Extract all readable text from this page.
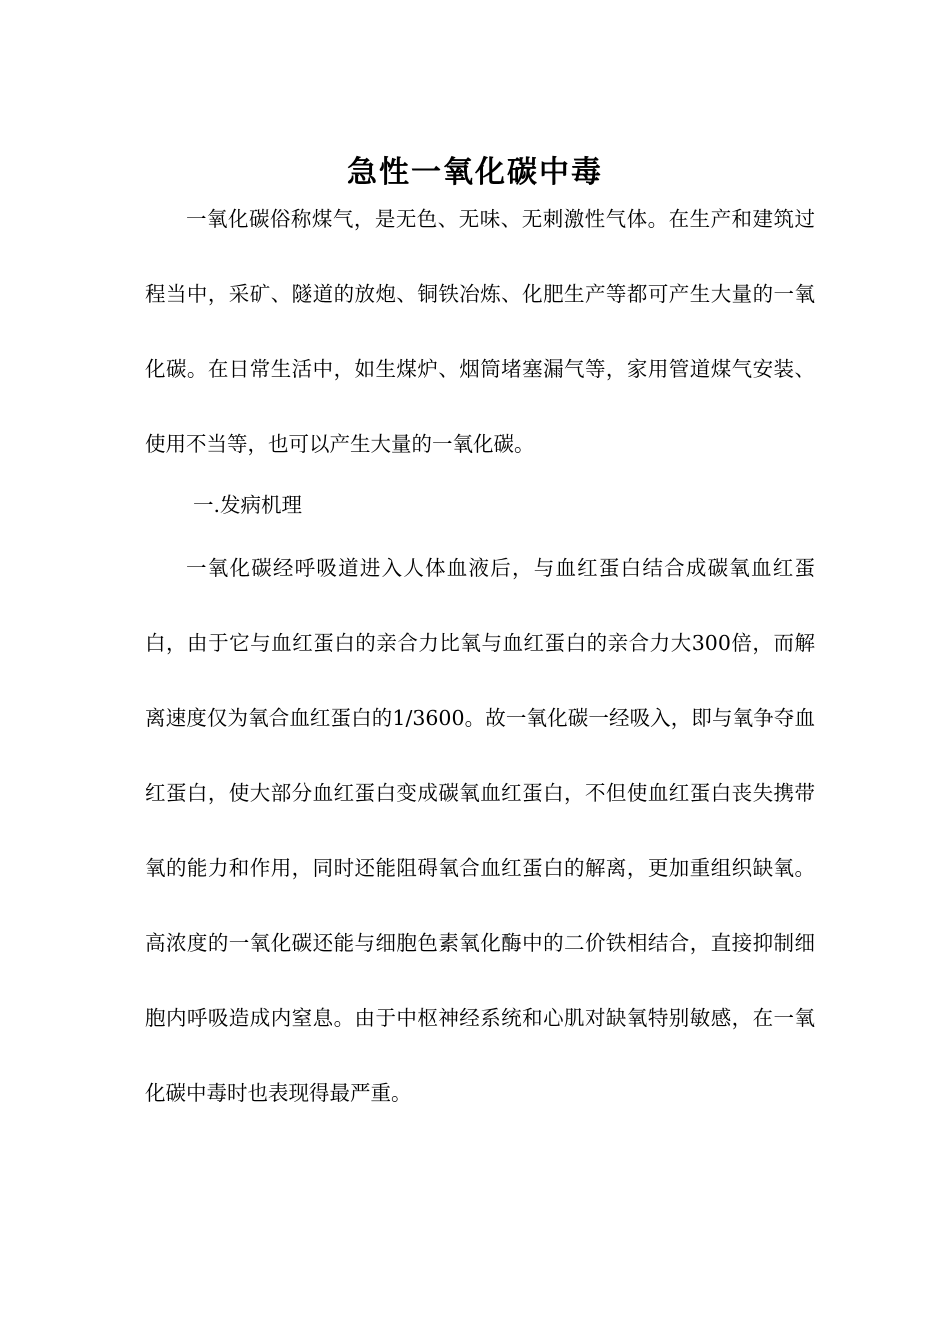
急性一氧化碳中毒

一氧化碳俗称煤气，是无色、无味、无刺激性气体。在生产和建筑过程当中，采矿、隧道的放炮、铜铁冶炼、化肥生产等都可产生大量的一氧化碳。在日常生活中，如生煤炉、烟筒堵塞漏气等，家用管道煤气安装、使用不当等，也可以产生大量的一氧化碳。

一.发病机理

一氧化碳经呼吸道进入人体血液后，与血红蛋白结合成碳氧血红蛋白，由于它与血红蛋白的亲合力比氧与血红蛋白的亲合力大300倍，而解离速度仅为氧合血红蛋白的1/3600。故一氧化碳一经吸入，即与氧争夺血红蛋白，使大部分血红蛋白变成碳氧血红蛋白，不但使血红蛋白丧失携带氧的能力和作用，同时还能阻碍氧合血红蛋白的解离，更加重组织缺氧。高浓度的一氧化碳还能与细胞色素氧化酶中的二价铁相结合，直接抑制细胞内呼吸造成内窒息。由于中枢神经系统和心肌对缺氧特别敏感，在一氧化碳中毒时也表现得最严重。
